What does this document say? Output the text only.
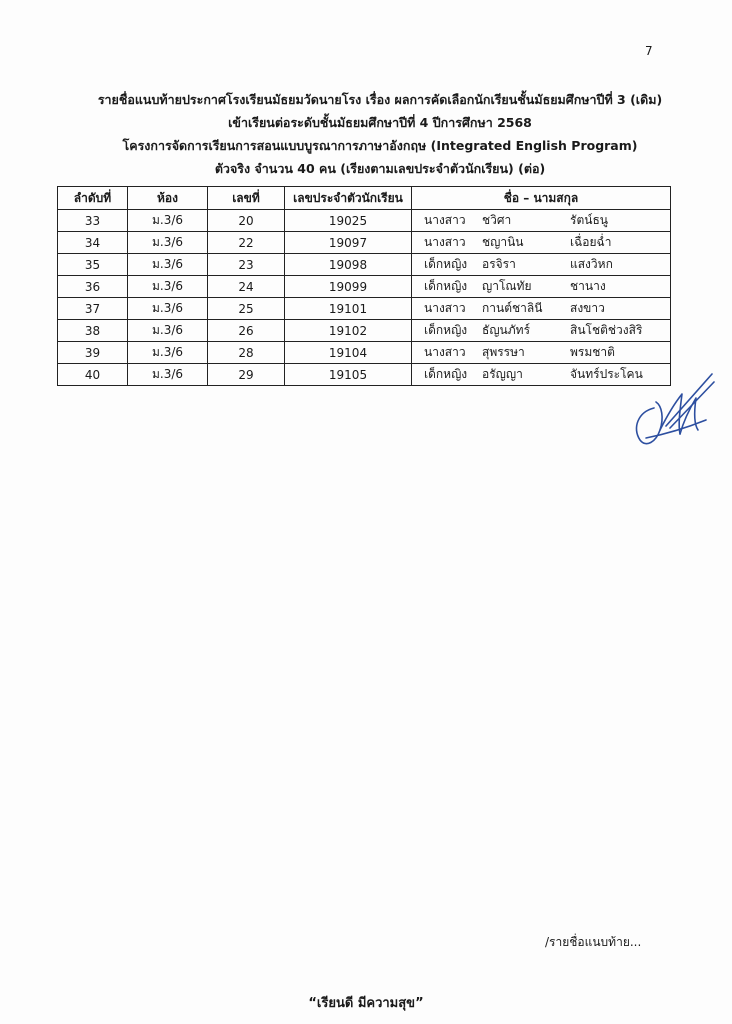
7
รายชื่อแนบท้ายประกาศโรงเรียนมัธยมวัดนายโรง เรื่อง ผลการคัดเลือกนักเรียนชั้นมัธยมศึกษาปีที่ 3 (เดิม)
เข้าเรียนต่อระดับชั้นมัธยมศึกษาปีที่ 4 ปีการศึกษา 2568
โครงการจัดการเรียนการสอนแบบบูรณาการภาษาอังกฤษ (Integrated English Program)
ตัวจริง จำนวน 40 คน (เรียงตามเลขประจำตัวนักเรียน) (ต่อ)
ลำดับที่	ห้อง	เลขที่	เลขประจำตัวนักเรียน	ชื่อ – นามสกุล
33	ม.3/6	20	19025	นางสาว ชวิศา รัตน์ธนู

34	ม.3/6	22	19097	นางสาว ชญานิน เฉื่อยฉ่ำ

35	ม.3/6	23	19098	เด็กหญิง อรจิรา แสงวิหก

36	ม.3/6	24	19099	เด็กหญิง ญาโณทัย ชานาง

37	ม.3/6	25	19101	นางสาว กานต์ชาลินี สงขาว

38	ม.3/6	26	19102	เด็กหญิง ธัญนภัทร์ สินโชติช่วงสิริ

39	ม.3/6	28	19104	นางสาว สุพรรษา พรมชาติ

40	ม.3/6	29	19105	เด็กหญิง อรัญญา จันทร์ประโคน
/รายชื่อแนบท้าย...
“เรียนดี มีความสุข”
